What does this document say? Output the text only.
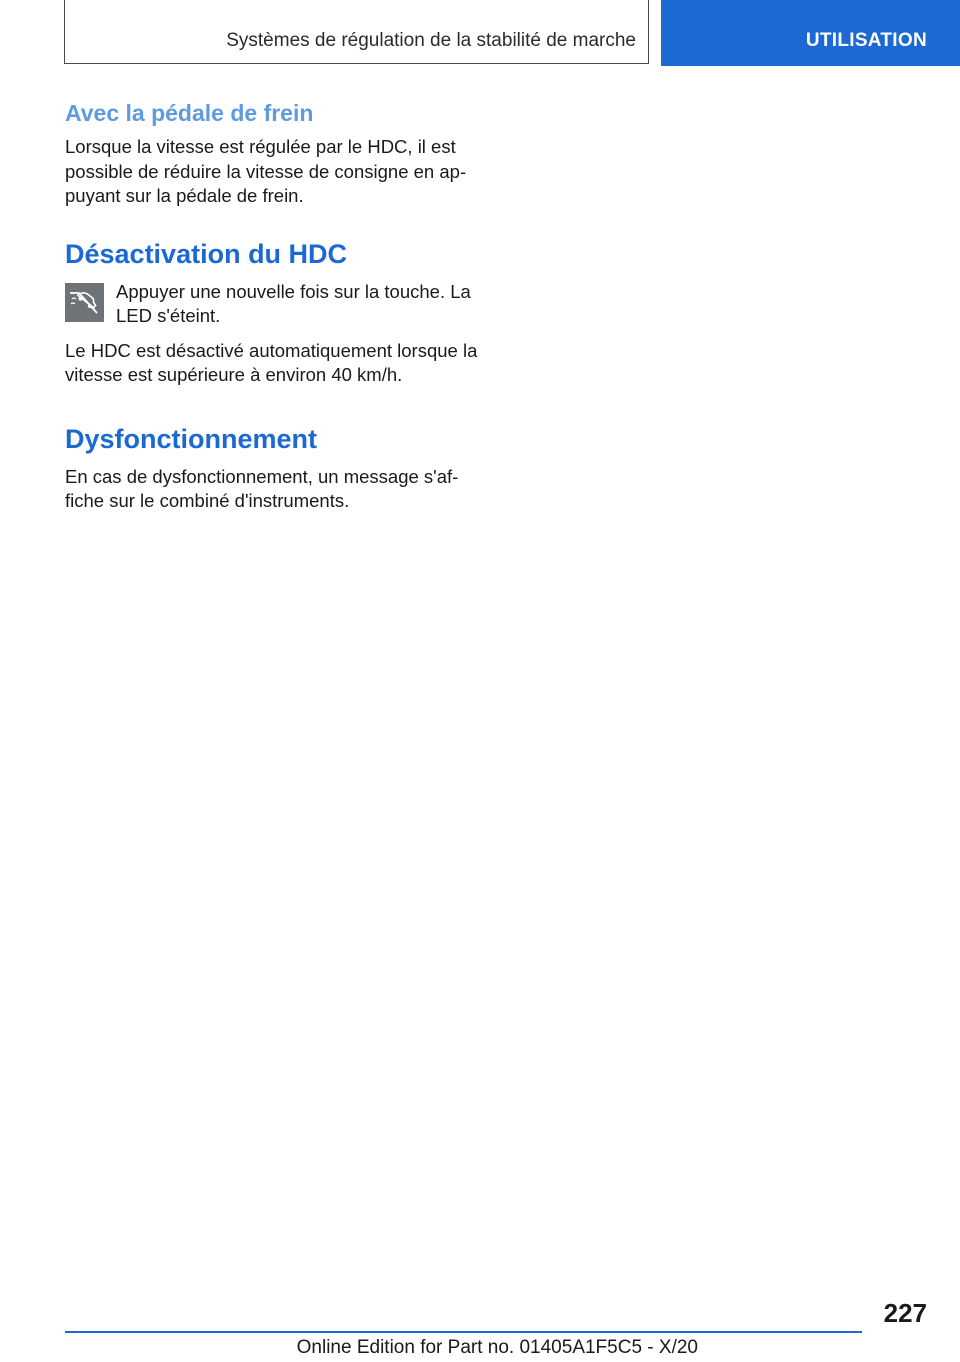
Systèmes de régulation de la stabilité de marche	UTILISATION
Avec la pédale de frein

Lorsque la vitesse est régulée par le HDC, il est possible de réduire la vitesse de consigne en appuyant sur la pédale de frein.

Désactivation du HDC

Appuyer une nouvelle fois sur la touche. La LED s'éteint.

Le HDC est désactivé automatiquement lorsque la vitesse est supérieure à environ 40 km/h.

Dysfonctionnement

En cas de dysfonctionnement, un message s'affiche sur le combiné d'instruments.

227
Online Edition for Part no. 01405A1F5C5 - X/20
